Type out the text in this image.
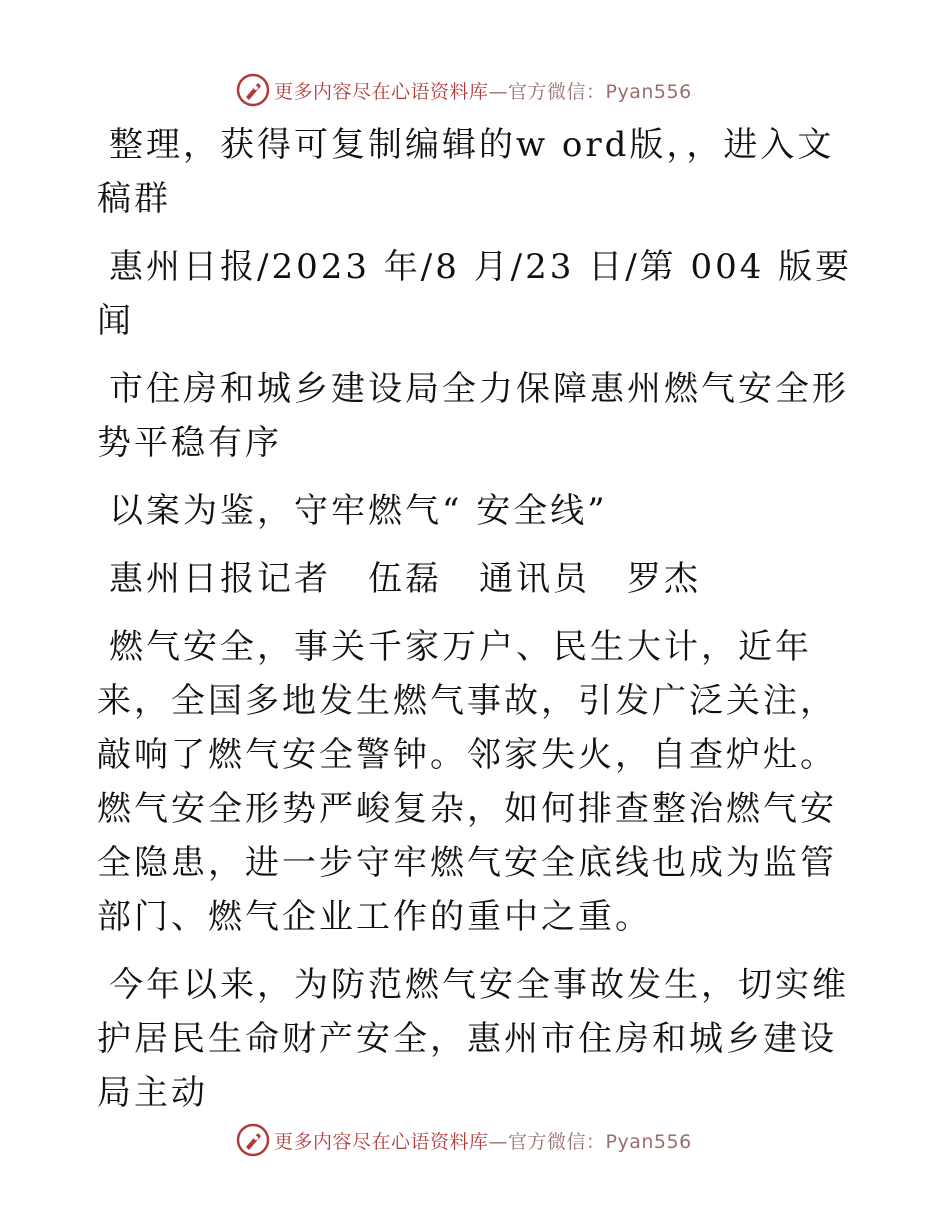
更多内容尽在心语资料库 —官方微信：Pyan556

整理，获得可复制编辑的w ord版，，进入文稿群

惠州日报/2023 年/8 月/23 日/第 004 版要闻

市住房和城乡建设局全力保障惠州燃气安全形势平稳有序

以案为鉴，守牢燃气“ 安全线”

惠州日报记者　伍磊　通讯员　罗杰

燃气安全，事关千家万户、民生大计，近年来，全国多地发生燃气事故，引发广泛关注，敲响了燃气安全警钟。邻家失火，自查炉灶。燃气安全形势严峻复杂，如何排查整治燃气安全隐患，进一步守牢燃气安全底线也成为监管部门、燃气企业工作的重中之重。

今年以来，为防范燃气安全事故发生，切实维护居民生命财产安全，惠州市住房和城乡建设局主动

更多内容尽在心语资料库 —官方微信：Pyan556
